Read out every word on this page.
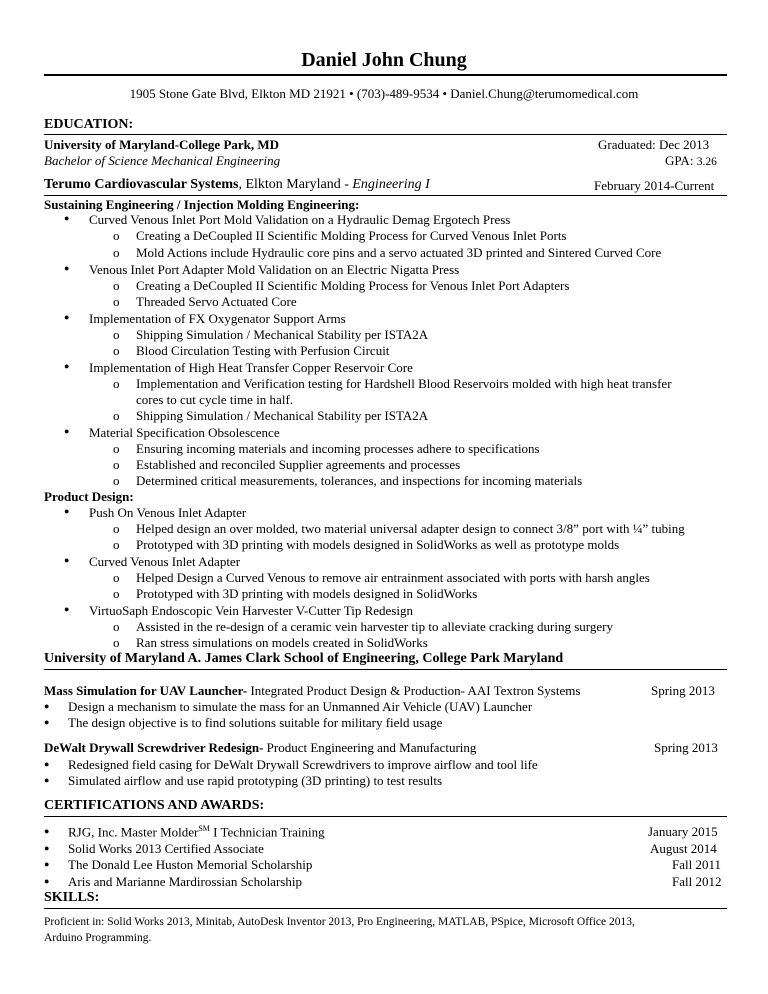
Daniel John Chung
1905 Stone Gate Blvd, Elkton MD 21921 • (703)-489-9534 • Daniel.Chung@terumomedical.com
EDUCATION:
University of Maryland-College Park, MD	Graduated: Dec 2013
Bachelor of Science Mechanical Engineering	GPA: 3.26
Terumo Cardiovascular Systems, Elkton Maryland - Engineering I	February 2014-Current
Sustaining Engineering / Injection Molding Engineering:
● Curved Venous Inlet Port Mold Validation on a Hydraulic Demag Ergotech Press
o Creating a DeCoupled II Scientific Molding Process for Curved Venous Inlet Ports
o Mold Actions include Hydraulic core pins and a servo actuated 3D printed and Sintered Curved Core
● Venous Inlet Port Adapter Mold Validation on an Electric Nigatta Press
o Creating a DeCoupled II Scientific Molding Process for Venous Inlet Port Adapters
o Threaded Servo Actuated Core
● Implementation of FX Oxygenator Support Arms
o Shipping Simulation / Mechanical Stability per ISTA2A
o Blood Circulation Testing with Perfusion Circuit
● Implementation of High Heat Transfer Copper Reservoir Core
o Implementation and Verification testing for Hardshell Blood Reservoirs molded with high heat transfer
cores to cut cycle time in half.
o Shipping Simulation / Mechanical Stability per ISTA2A
● Material Specification Obsolescence
o Ensuring incoming materials and incoming processes adhere to specifications
o Established and reconciled Supplier agreements and processes
o Determined critical measurements, tolerances, and inspections for incoming materials
Product Design:
● Push On Venous Inlet Adapter
o Helped design an over molded, two material universal adapter design to connect 3/8” port with ¼” tubing
o Prototyped with 3D printing with models designed in SolidWorks as well as prototype molds
● Curved Venous Inlet Adapter
o Helped Design a Curved Venous to remove air entrainment associated with ports with harsh angles
o Prototyped with 3D printing with models designed in SolidWorks
● VirtuoSaph Endoscopic Vein Harvester V-Cutter Tip Redesign
o Assisted in the re-design of a ceramic vein harvester tip to alleviate cracking during surgery
o Ran stress simulations on models created in SolidWorks
University of Maryland A. James Clark School of Engineering, College Park Maryland
Mass Simulation for UAV Launcher- Integrated Product Design & Production- AAI Textron Systems	Spring 2013
● Design a mechanism to simulate the mass for an Unmanned Air Vehicle (UAV) Launcher
● The design objective is to find solutions suitable for military field usage
DeWalt Drywall Screwdriver Redesign- Product Engineering and Manufacturing	Spring 2013
● Redesigned field casing for DeWalt Drywall Screwdrivers to improve airflow and tool life
● Simulated airflow and use rapid prototyping (3D printing) to test results
CERTIFICATIONS AND AWARDS:
● RJG, Inc. Master Molder℠ I Technician Training	January 2015
● Solid Works 2013 Certified Associate	August 2014
● The Donald Lee Huston Memorial Scholarship	Fall 2011
● Aris and Marianne Mardirossian Scholarship	Fall 2012
SKILLS:
Proficient in: Solid Works 2013, Minitab, AutoDesk Inventor 2013, Pro Engineering, MATLAB, PSpice, Microsoft Office 2013,
Arduino Programming.
